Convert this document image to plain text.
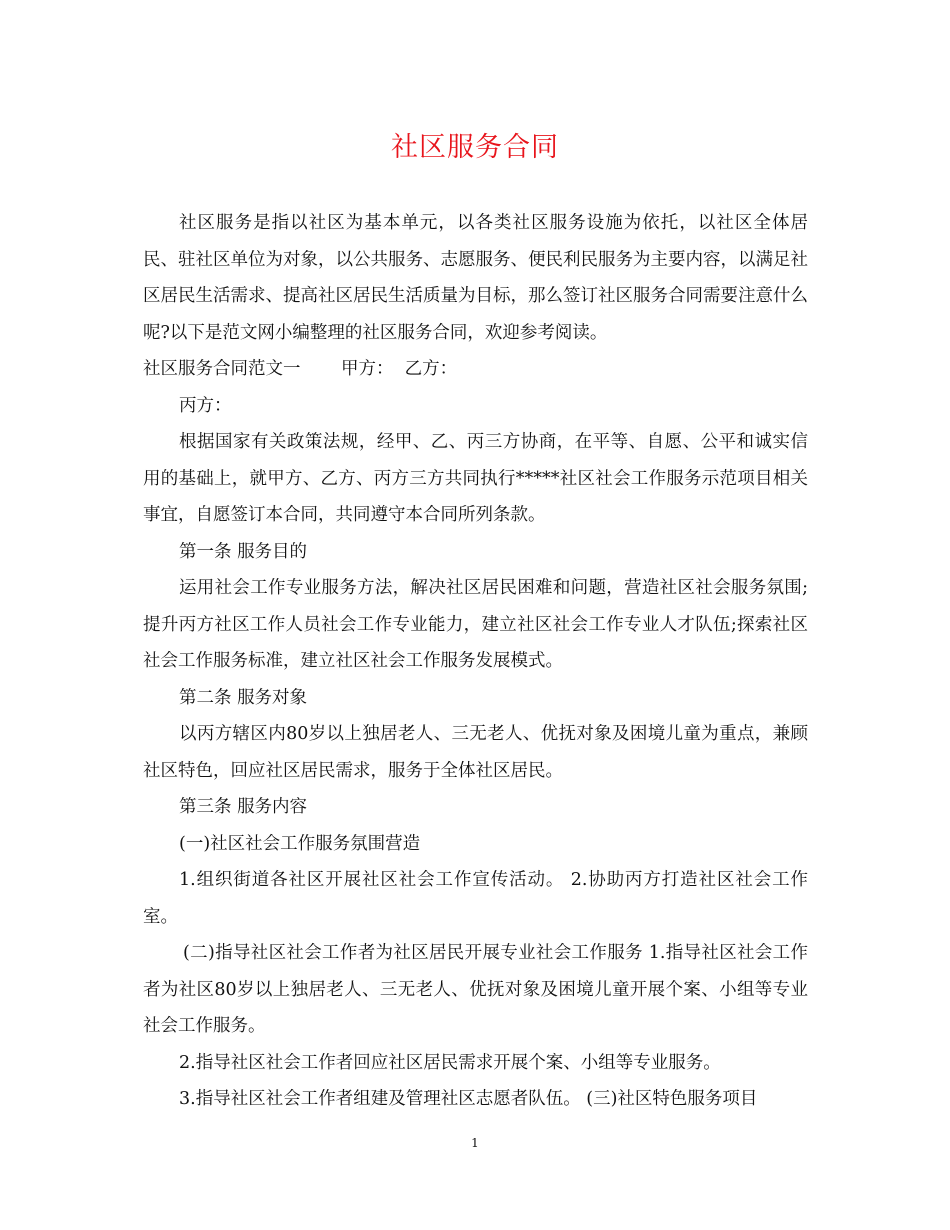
社区服务合同

社区服务是指以社区为基本单元，以各类社区服务设施为依托，以社区全体居民、驻社区单位为对象，以公共服务、志愿服务、便民利民服务为主要内容，以满足社区居民生活需求、提高社区居民生活质量为目标，那么签订社区服务合同需要注意什么呢?以下是范文网小编整理的社区服务合同，欢迎参考阅读。

社区服务合同范文一　　 甲方：  乙方：

丙方：

根据国家有关政策法规，经甲、乙、丙三方协商，在平等、自愿、公平和诚实信用的基础上，就甲方、乙方、丙方三方共同执行*****社区社会工作服务示范项目相关事宜，自愿签订本合同，共同遵守本合同所列条款。

第一条 服务目的

运用社会工作专业服务方法，解决社区居民困难和问题，营造社区社会服务氛围;提升丙方社区工作人员社会工作专业能力，建立社区社会工作专业人才队伍;探索社区社会工作服务标准，建立社区社会工作服务发展模式。

第二条 服务对象

以丙方辖区内80岁以上独居老人、三无老人、优抚对象及困境儿童为重点，兼顾社区特色，回应社区居民需求，服务于全体社区居民。

第三条 服务内容

(一)社区社会工作服务氛围营造

1.组织街道各社区开展社区社会工作宣传活动。 2.协助丙方打造社区社会工作室。

(二)指导社区社会工作者为社区居民开展专业社会工作服务 1.指导社区社会工作者为社区80岁以上独居老人、三无老人、优抚对象及困境儿童开展个案、小组等专业社会工作服务。

2.指导社区社会工作者回应社区居民需求开展个案、小组等专业服务。

3.指导社区社会工作者组建及管理社区志愿者队伍。 (三)社区特色服务项目

1
